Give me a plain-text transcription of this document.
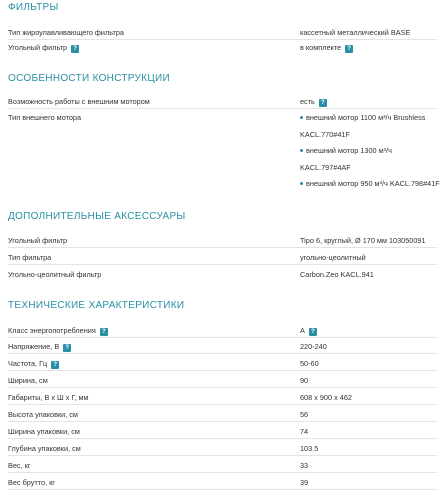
ФИЛЬТРЫ
Тип жироулавливающего фильтра	кассетный металлический BASE
Угольный фильтр ?	в комплекте ?
ОСОБЕННОСТИ КОНСТРУКЦИИ
Возможность работы с внешним мотором	есть ?
Тип внешнего мотора	внешний мотор 1100 м³/ч Brushless
KACL.770#41F
внешний мотор 1300 м³/ч
KACL.797#4AF
внешний мотор 950 м³/ч KACL.798#41F
ДОПОЛНИТЕЛЬНЫЕ АКСЕССУАРЫ
Угольный фильтр	Tipo 6, круглый, Ø 170 мм 103050091
Тип фильтра	угольно-цеолитный
Угольно-цеолитный фильтр	Carbon.Zeo KACL.941
ТЕХНИЧЕСКИЕ ХАРАКТЕРИСТИКИ
Класс энергопотребления ?	A ?
Напряжение, В ?	220-240
Частота, Гц ?	50-60
Ширина, см	90
Габариты, В х Ш х Г, мм	608 x 900 x 462
Высота упаковки, см	56
Ширина упаковки, см	74
Глубина упаковки, см	103.5
Вес, кг	33
Вес брутто, кг	39
